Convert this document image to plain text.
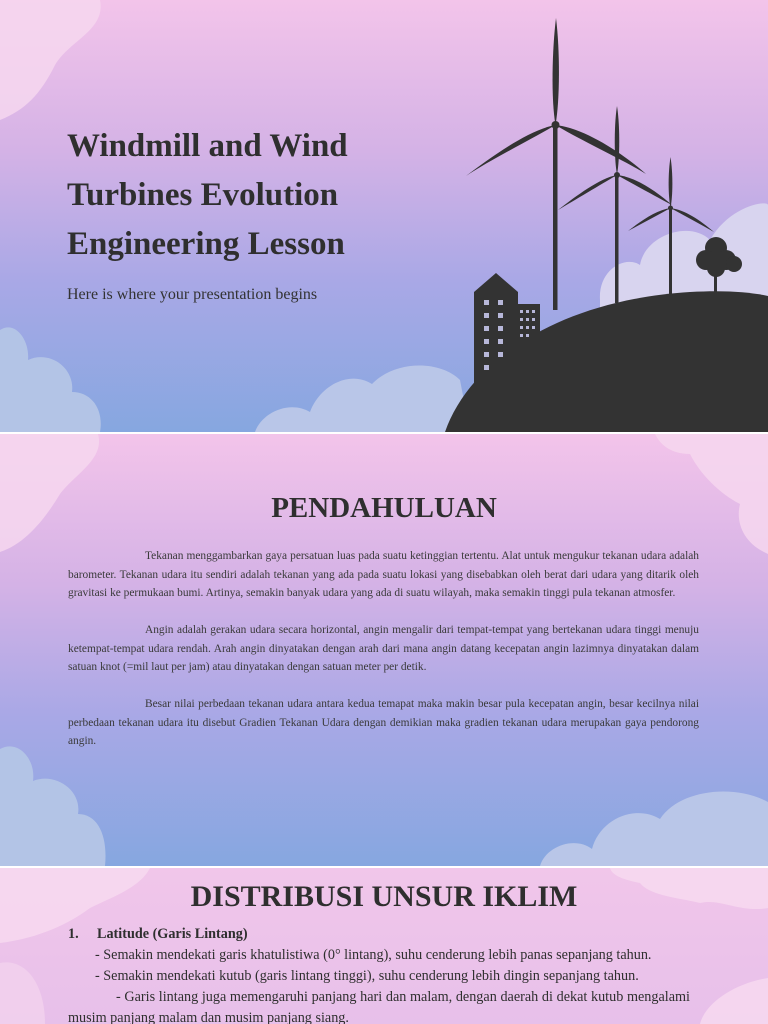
Windmill and Wind
Turbines Evolution
Engineering Lesson

Here is where your presentation begins

PENDAHULUAN

Tekanan menggambarkan gaya persatuan luas pada suatu ketinggian tertentu. Alat untuk mengukur tekanan udara adalah barometer. Tekanan udara itu sendiri adalah tekanan yang ada pada suatu lokasi yang disebabkan oleh berat dari udara yang ditarik oleh gravitasi ke permukaan bumi. Artinya, semakin banyak udara yang ada di suatu wilayah, maka semakin tinggi pula tekanan atmosfer.

Angin adalah gerakan udara secara horizontal, angin mengalir dari tempat-tempat yang bertekanan udara tinggi menuju ketempat-tempat udara rendah. Arah angin dinyatakan dengan arah dari mana angin datang kecepatan angin lazimnya dinyatakan dalam satuan knot (=mil laut per jam) atau dinyatakan dengan satuan meter per detik.

Besar nilai perbedaan tekanan udara antara kedua temapat maka makin besar pula kecepatan angin, besar kecilnya nilai perbedaan tekanan udara itu disebut Gradien Tekanan Udara dengan demikian maka gradien tekanan udara merupakan gaya pendorong angin.

DISTRIBUSI UNSUR IKLIM
1. Latitude (Garis Lintang)
- Semakin mendekati garis khatulistiwa (0° lintang), suhu cenderung lebih panas sepanjang tahun.
- Semakin mendekati kutub (garis lintang tinggi), suhu cenderung lebih dingin sepanjang tahun.
- Garis lintang juga memengaruhi panjang hari dan malam, dengan daerah di dekat kutub mengalami musim panjang malam dan musim panjang siang.
